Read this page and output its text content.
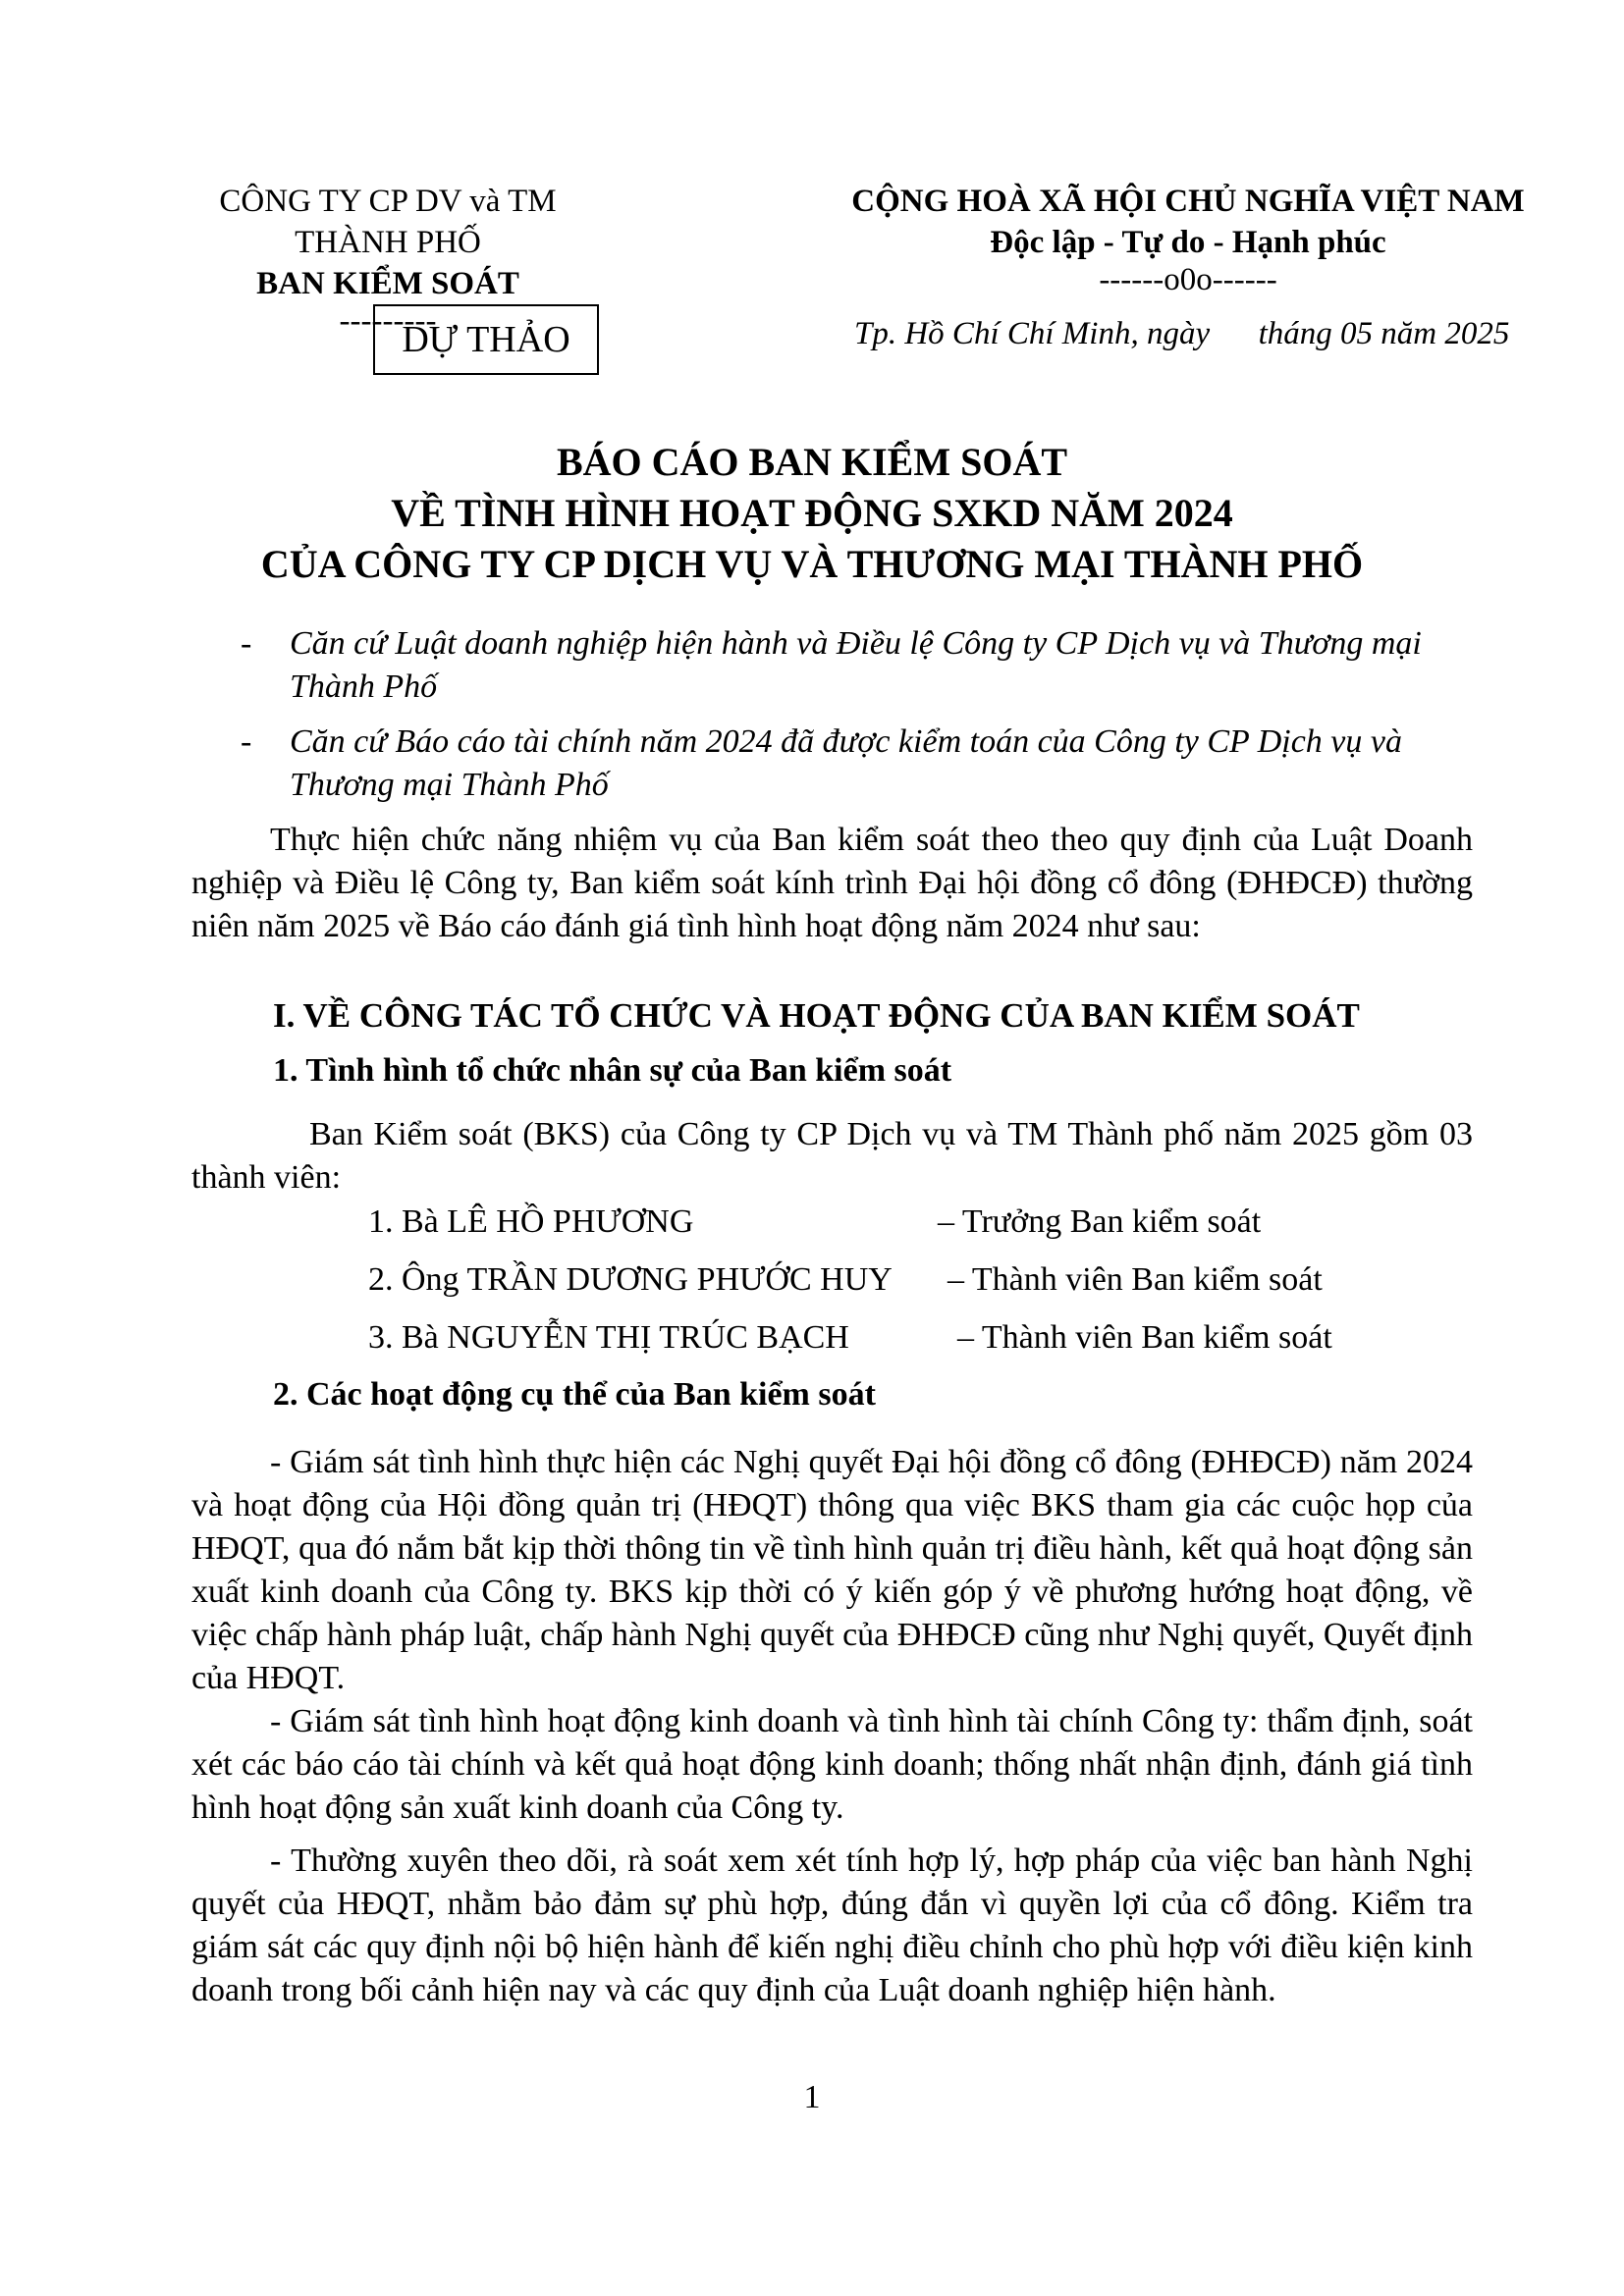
CÔNG TY CP DV và TM THÀNH PHỐ
BAN KIỂM SOÁT
---------
CỘNG HOÀ XÃ HỘI CHỦ NGHĨA VIỆT NAM
Độc lập - Tự do - Hạnh phúc
------o0o------
DỰ THẢO	Tp. Hồ Chí Chí Minh, ngày      tháng 05 năm 2025
BÁO CÁO BAN KIỂM SOÁT
VỀ TÌNH HÌNH HOẠT ĐỘNG SXKD NĂM 2024
CỦA CÔNG TY CP DỊCH VỤ VÀ THƯƠNG MẠI THÀNH PHỐ
- Căn cứ Luật doanh nghiệp hiện hành và Điều lệ Công ty CP Dịch vụ và Thương mại Thành Phố
- Căn cứ Báo cáo tài chính năm 2024 đã được kiểm toán của Công ty CP Dịch vụ và Thương mại Thành Phố
Thực hiện chức năng nhiệm vụ của Ban kiểm soát theo theo quy định của Luật Doanh nghiệp và Điều lệ Công ty, Ban kiểm soát kính trình Đại hội đồng cổ đông (ĐHĐCĐ) thường niên năm 2025 về Báo cáo đánh giá tình hình hoạt động năm 2024 như sau:
I. VỀ CÔNG TÁC TỔ CHỨC VÀ HOẠT ĐỘNG CỦA BAN KIỂM SOÁT
1. Tình hình tổ chức nhân sự của Ban kiểm soát
Ban Kiểm soát (BKS) của Công ty CP Dịch vụ và TM Thành phố năm 2025 gồm 03 thành viên:
1. Bà LÊ HỒ PHƯƠNG	– Trưởng Ban kiểm soát
2. Ông TRẦN DƯƠNG PHƯỚC HUY – Thành viên Ban kiểm soát
3. Bà NGUYỄN THỊ TRÚC BẠCH	– Thành viên Ban kiểm soát
2. Các hoạt động cụ thể của Ban kiểm soát
- Giám sát tình hình thực hiện các Nghị quyết Đại hội đồng cổ đông (ĐHĐCĐ) năm 2024 và hoạt động của Hội đồng quản trị (HĐQT) thông qua việc BKS tham gia các cuộc họp của HĐQT, qua đó nắm bắt kịp thời thông tin về tình hình quản trị điều hành, kết quả hoạt động sản xuất kinh doanh của Công ty. BKS kịp thời có ý kiến góp ý về phương hướng hoạt động, về việc chấp hành pháp luật, chấp hành Nghị quyết của ĐHĐCĐ cũng như Nghị quyết, Quyết định của HĐQT.
- Giám sát tình hình hoạt động kinh doanh và tình hình tài chính Công ty: thẩm định, soát xét các báo cáo tài chính và kết quả hoạt động kinh doanh; thống nhất nhận định, đánh giá tình hình hoạt động sản xuất kinh doanh của Công ty.
- Thường xuyên theo dõi, rà soát xem xét tính hợp lý, hợp pháp của việc ban hành Nghị quyết của HĐQT, nhằm bảo đảm sự phù hợp, đúng đắn vì quyền lợi của cổ đông. Kiểm tra giám sát các quy định nội bộ hiện hành để kiến nghị điều chỉnh cho phù hợp với điều kiện kinh doanh trong bối cảnh hiện nay và các quy định của Luật doanh nghiệp hiện hành.
1
